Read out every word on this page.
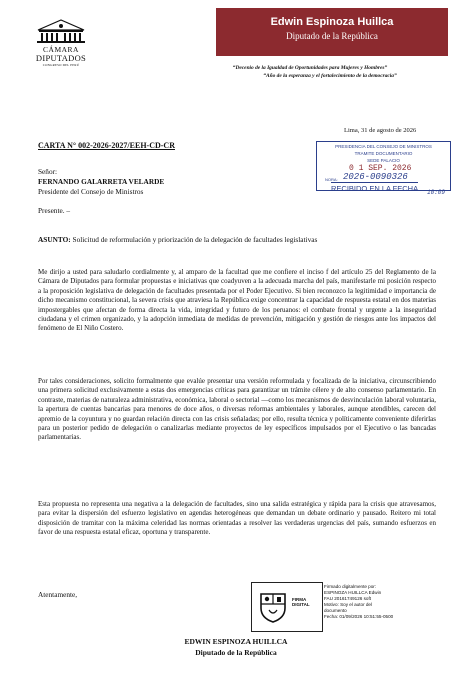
CÁMARA
DIPUTADOS
CONGRESO DEL PERÚ
Edwin Espinoza Huillca
Diputado de la República
“Decenio de la Igualdad de Oportunidades para Mujeres y Hombres”
“Año de la esperanza y el fortalecimiento de la democracia”
Lima, 31 de agosto de 2026
CARTA N° 002-2026-2027/EEH-CD-CR	PRESIDENCIA DEL CONSEJO DE MINISTROS
TRAMITE DOCUMENTARIO
SEDE PALACIO
0 1 SEP. 2026
NORA: 2026-0090326
RECIBIDO EN LA FECHA 10:09
Señor:
FERNANDO GALARRETA VELARDE
Presidente del Consejo de Ministros
Presente. –
ASUNTO: Solicitud de reformulación y priorización de la delegación de facultades legislativas
Me dirijo a usted para saludarlo cordialmente y, al amparo de la facultad que me confiere el inciso f del artículo 25 del Reglamento de la Cámara de Diputados para formular propuestas e iniciativas que coadyuven a la adecuada marcha del país, manifestarle mi posición respecto a la proposición legislativa de delegación de facultades presentada por el Poder Ejecutivo. Si bien reconozco la legitimidad e importancia de dicho mecanismo constitucional, la severa crisis que atraviesa la República exige concentrar la capacidad de respuesta estatal en dos materias impostergables que afectan de forma directa la vida, integridad y futuro de los peruanos: el combate frontal y urgente a la inseguridad ciudadana y el crimen organizado, y la adopción inmediata de medidas de prevención, mitigación y gestión de riesgos ante los impactos del fenómeno de El Niño Costero.
Por tales consideraciones, solicito formalmente que evalúe presentar una versión reformulada y focalizada de la iniciativa, circunscribiendo una primera solicitud exclusivamente a estas dos emergencias críticas para garantizar un trámite célere y de alto consenso parlamentario. En contraste, materias de naturaleza administrativa, económica, laboral o sectorial —como los mecanismos de desvinculación laboral voluntaria, la apertura de cuentas bancarias para menores de doce años, o diversas reformas ambientales y laborales, aunque atendibles, carecen del apremio de la coyuntura y no guardan relación directa con las crisis señaladas; por ello, resulta técnica y políticamente conveniente diferirlas para un posterior pedido de delegación o canalizarlas mediante proyectos de ley específicos impulsados por el Ejecutivo o las bancadas parlamentarias.
Esta propuesta no representa una negativa a la delegación de facultades, sino una salida estratégica y rápida para la crisis que atravesamos, para evitar la dispersión del esfuerzo legislativo en agendas heterogéneas que demandan un debate ordinario y pausado. Reitero mi total disposición de tramitar con la máxima celeridad las normas orientadas a resolver las verdaderas urgencias del país, sumando esfuerzos en favor de una respuesta estatal eficaz, oportuna y transparente.
Atentamente,
FIRMA
DIGITAL
Firmado digitalmente por:
ESPINOZA HUILLCA Edwin
FAU 20161749126 soft
Motivo: Soy el autor del
documento
Fecha: 01/09/2026 10:51:55-0500
EDWIN ESPINOZA HUILLCA
Diputado de la República
